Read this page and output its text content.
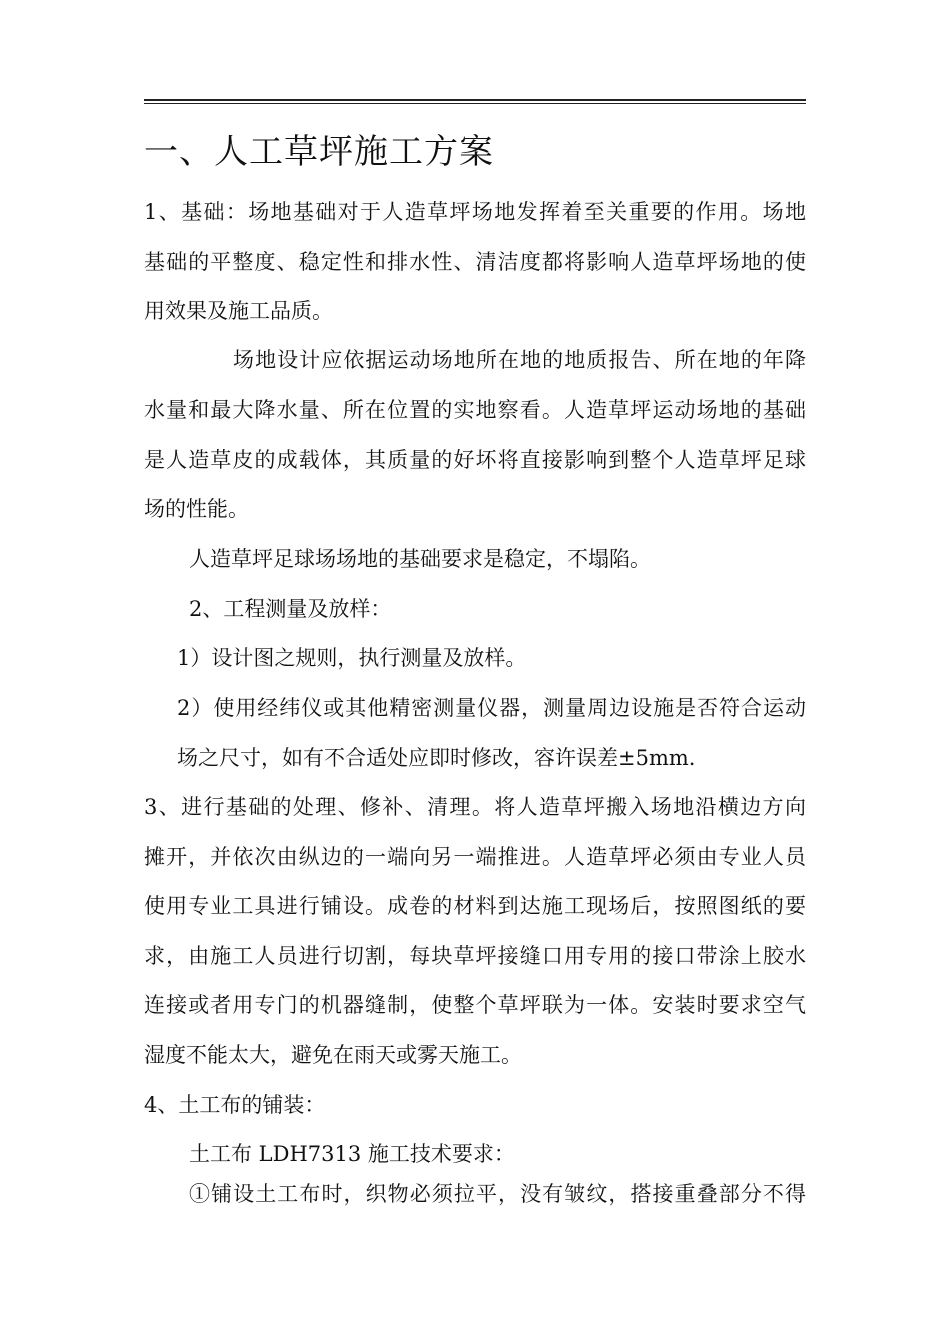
一、人工草坪施工方案
1、基础：场地基础对于人造草坪场地发挥着至关重要的作用。场地
基础的平整度、稳定性和排水性、清洁度都将影响人造草坪场地的使
用效果及施工品质。
场地设计应依据运动场地所在地的地质报告、所在地的年降
水量和最大降水量、所在位置的实地察看。人造草坪运动场地的基础
是人造草皮的成载体，其质量的好坏将直接影响到整个人造草坪足球
场的性能。
人造草坪足球场场地的基础要求是稳定，不塌陷。
2、工程测量及放样：
1）设计图之规则，执行测量及放样。
2）使用经纬仪或其他精密测量仪器，测量周边设施是否符合运动
场之尺寸，如有不合适处应即时修改，容许误差±5mm.
3、进行基础的处理、修补、清理。将人造草坪搬入场地沿横边方向
摊开，并依次由纵边的一端向另一端推进。人造草坪必须由专业人员
使用专业工具进行铺设。成卷的材料到达施工现场后，按照图纸的要
求，由施工人员进行切割，每块草坪接缝口用专用的接口带涂上胶水
连接或者用专门的机器缝制，使整个草坪联为一体。安装时要求空气
湿度不能太大，避免在雨天或雾天施工。
4、土工布的铺装：
土工布 LDH7313 施工技术要求：
①铺设土工布时，织物必须拉平，没有皱纹，搭接重叠部分不得
